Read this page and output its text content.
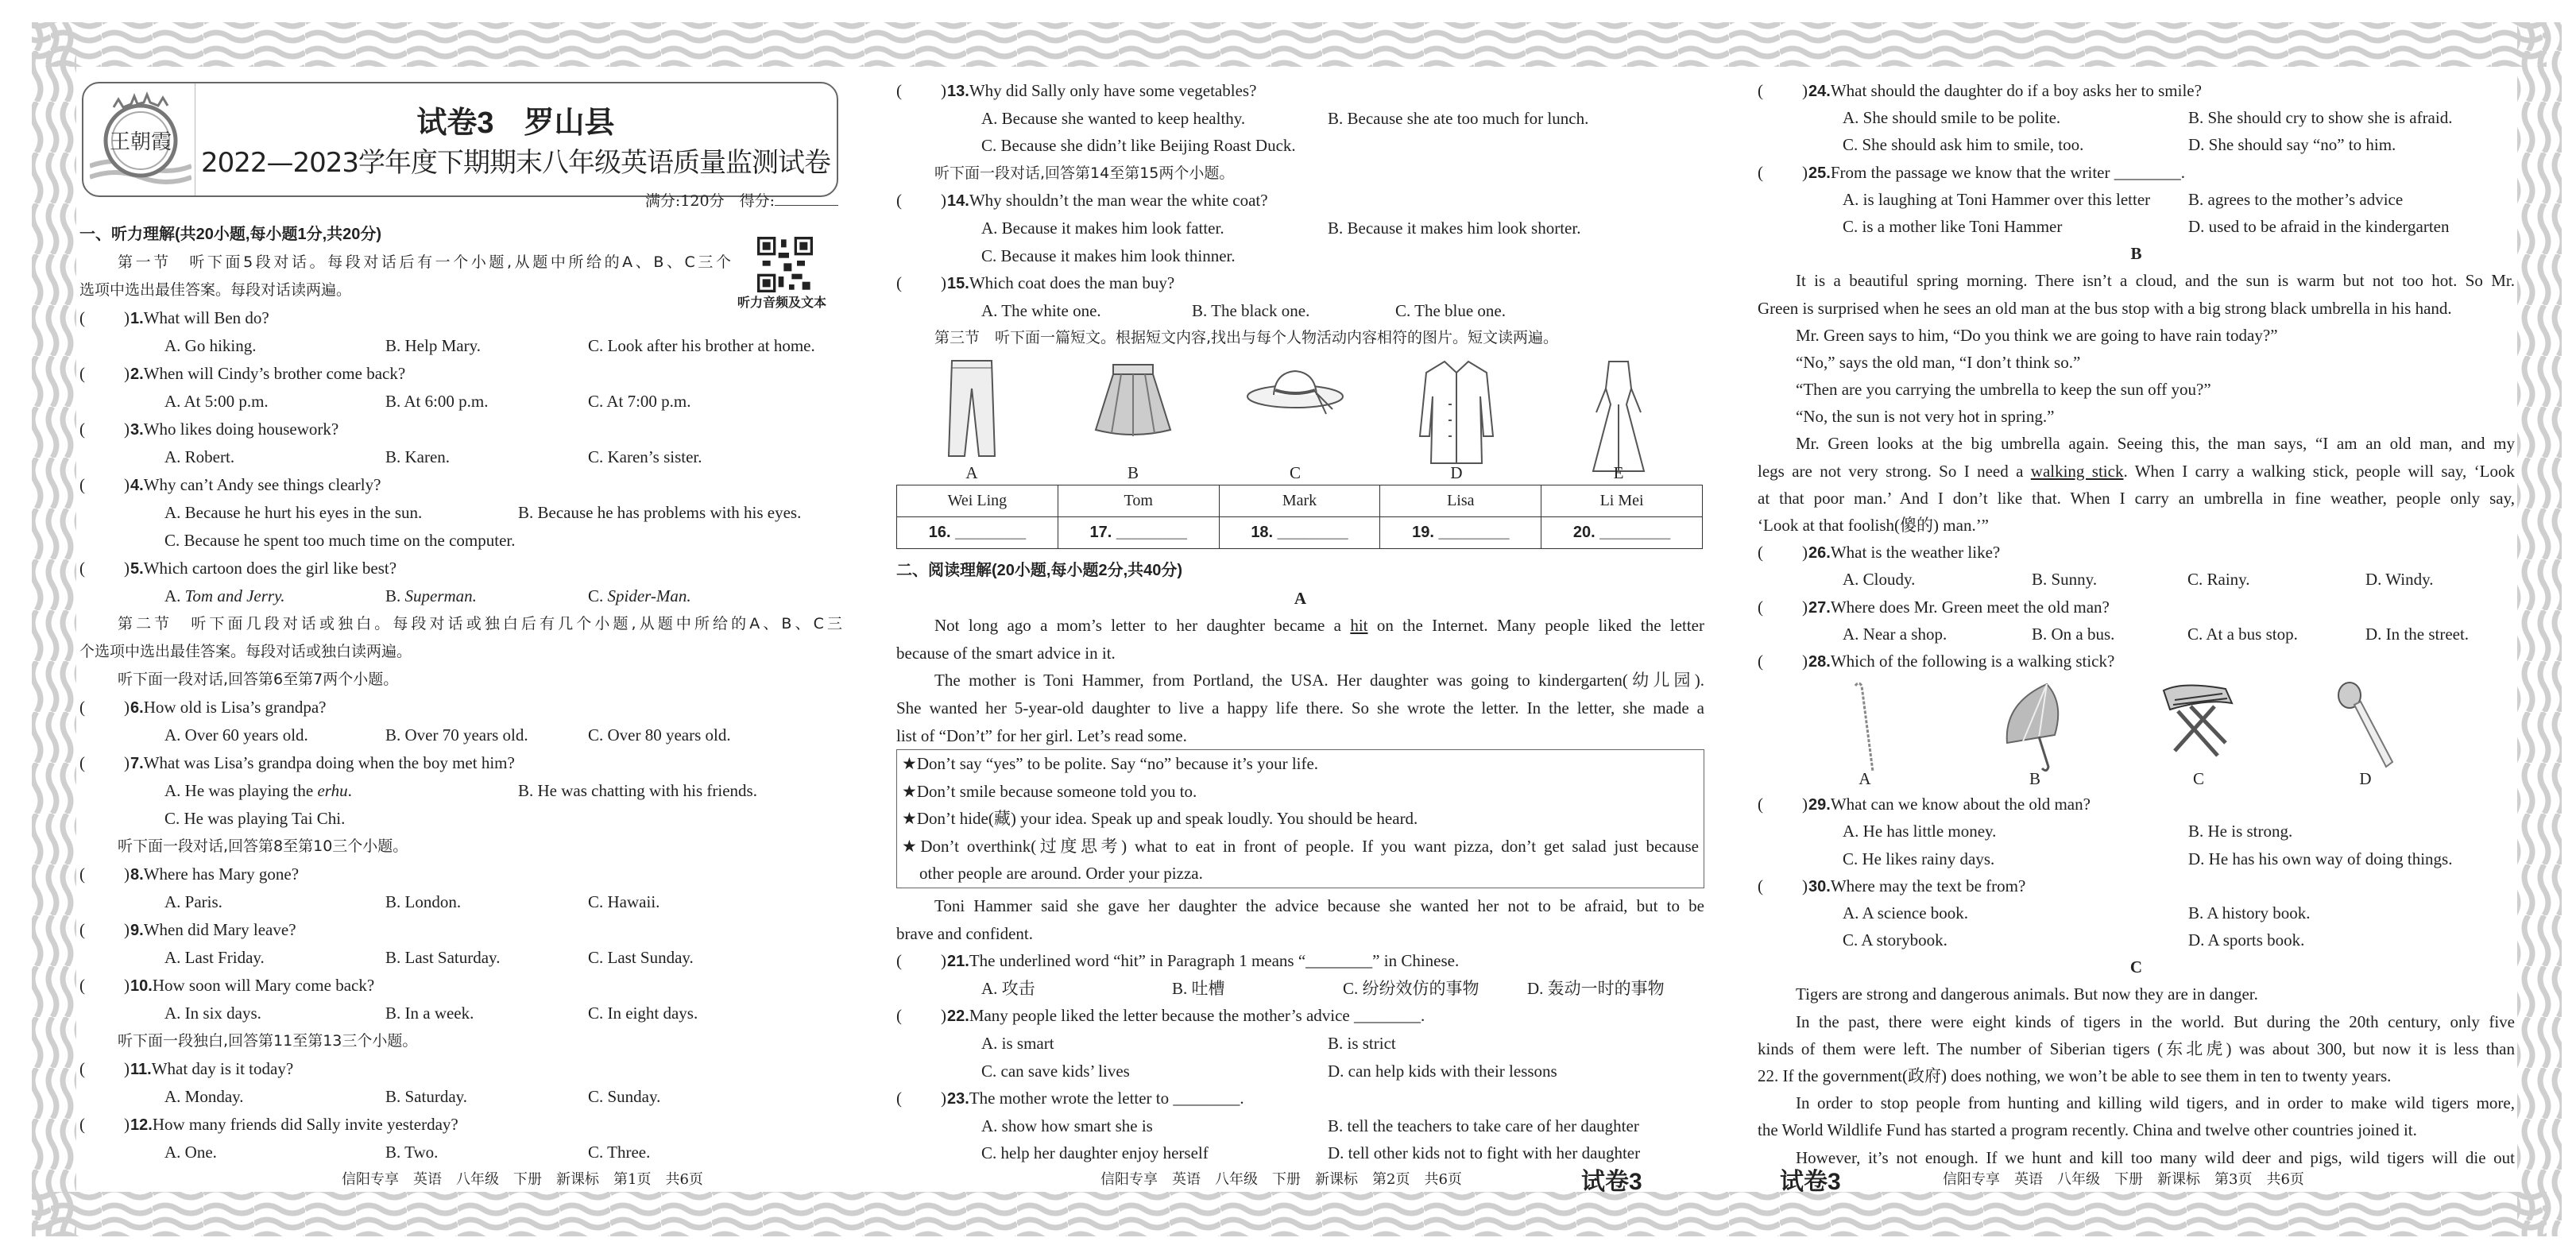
王朝霞
试卷3　罗山县
2022—2023学年度下期期末八年级英语质量监测试卷
满分:120分　得分:
听力音频及文本
一、听力理解(共20小题,每小题1分,共20分)
第一节　听下面5段对话。每段对话后有一个小题,从题中所给的A、B、C三个
选项中选出最佳答案。每段对话读两遍。
( ) 1.What will Ben do?
A. Go hiking.	B. Help Mary.	C. Look after his brother at home.
( ) 2.When will Cindy’s brother come back?
A. At 5:00 p.m.	B. At 6:00 p.m.	C. At 7:00 p.m.
( ) 3.Who likes doing housework?
A. Robert.	B. Karen.	C. Karen’s sister.
( ) 4.Why can’t Andy see things clearly?
A. Because he hurt his eyes in the sun.	B. Because he has problems with his eyes.
C. Because he spent too much time on the computer.
( ) 5.Which cartoon does the girl like best?
A. Tom and Jerry.	B. Superman.	C. Spider-Man.
第二节　听下面几段对话或独白。每段对话或独白后有几个小题,从题中所给的A、B、C三
个选项中选出最佳答案。每段对话或独白读两遍。
听下面一段对话,回答第6至第7两个小题。
( ) 6.How old is Lisa’s grandpa?
A. Over 60 years old.	B. Over 70 years old.	C. Over 80 years old.
( ) 7.What was Lisa’s grandpa doing when the boy met him?
A. He was playing the erhu.	B. He was chatting with his friends.
C. He was playing Tai Chi.
听下面一段对话,回答第8至第10三个小题。
( ) 8.Where has Mary gone?
A. Paris.	B. London.	C. Hawaii.
( ) 9.When did Mary leave?
A. Last Friday.	B. Last Saturday.	C. Last Sunday.
( ) 10.How soon will Mary come back?
A. In six days.	B. In a week.	C. In eight days.
听下面一段独白,回答第11至第13三个小题。
( ) 11.What day is it today?
A. Monday.	B. Saturday.	C. Sunday.
( ) 12.How many friends did Sally invite yesterday?
A. One.	B. Two.	C. Three.
( ) 13.Why did Sally only have some vegetables?
A. Because she wanted to keep healthy.	B. Because she ate too much for lunch.
C. Because she didn’t like Beijing Roast Duck.
听下面一段对话,回答第14至第15两个小题。
( ) 14.Why shouldn’t the man wear the white coat?
A. Because it makes him look fatter.	B. Because it makes him look shorter.
C. Because it makes him look thinner.
( ) 15.Which coat does the man buy?
A. The white one.	B. The black one.	C. The blue one.
第三节　听下面一篇短文。根据短文内容,找出与每个人物活动内容相符的图片。短文读两遍。
A	B	C	D	E
Wei Ling	Tom	Mark	Lisa	Li Mei
16. ________	17. ________	18. ________	19. ________	20. ________
二、阅读理解(20小题,每小题2分,共40分)
A
Not long ago a mom’s letter to her daughter became a hit on the Internet. Many people liked the letter
because of the smart advice in it.
The mother is Toni Hammer, from Portland, the USA. Her daughter was going to kindergarten(幼儿园).
She wanted her 5-year-old daughter to live a happy life there. So she wrote the letter. In the letter, she made a
list of “Don’t” for her girl. Let’s read some.
★Don’t say “yes” to be polite. Say “no” because it’s your life.
★Don’t smile because someone told you to.
★Don’t hide(藏) your idea. Speak up and speak loudly. You should be heard.
★Don’t overthink(过度思考) what to eat in front of people. If you want pizza, don’t get salad just because
other people are around. Order your pizza.
Toni Hammer said she gave her daughter the advice because she wanted her not to be afraid, but to be
brave and confident.
( ) 21.The underlined word “hit” in Paragraph 1 means “________” in Chinese.
A. 攻击	B. 吐槽	C. 纷纷效仿的事物	D. 轰动一时的事物
( ) 22.Many people liked the letter because the mother’s advice ________.
A. is smart	B. is strict
C. can save kids’ lives	D. can help kids with their lessons
( ) 23.The mother wrote the letter to ________.
A. show how smart she is	B. tell the teachers to take care of her daughter
C. help her daughter enjoy herself	D. tell other kids not to fight with her daughter
( ) 24.What should the daughter do if a boy asks her to smile?
A. She should smile to be polite.	B. She should cry to show she is afraid.
C. She should ask him to smile, too.	D. She should say “no” to him.
( ) 25.From the passage we know that the writer ________.
A. is laughing at Toni Hammer over this letter B. agrees to the mother’s advice
C. is a mother like Toni Hammer	D. used to be afraid in the kindergarten
B
It is a beautiful spring morning. There isn’t a cloud, and the sun is warm but not too hot. So Mr.
Green is surprised when he sees an old man at the bus stop with a big strong black umbrella in his hand.
Mr. Green says to him, “Do you think we are going to have rain today?”
“No,” says the old man, “I don’t think so.”
“Then are you carrying the umbrella to keep the sun off you?”
“No, the sun is not very hot in spring.”
Mr. Green looks at the big umbrella again. Seeing this, the man says, “I am an old man, and my
legs are not very strong. So I need a walking stick. When I carry a walking stick, people will say, ‘Look
at that poor man.’ And I don’t like that. When I carry an umbrella in fine weather, people only say,
‘Look at that foolish(傻的) man.’”
( ) 26.What is the weather like?
A. Cloudy.	B. Sunny.	C. Rainy.	D. Windy.
( ) 27.Where does Mr. Green meet the old man?
A. Near a shop.	B. On a bus.	C. At a bus stop.	D. In the street.
( ) 28.Which of the following is a walking stick?
A	B	C	D
( ) 29.What can we know about the old man?
A. He has little money.	B. He is strong.
C. He likes rainy days.	D. He has his own way of doing things.
( ) 30.Where may the text be from?
A. A science book.	B. A history book.
C. A storybook.	D. A sports book.
C
Tigers are strong and dangerous animals. But now they are in danger.
In the past, there were eight kinds of tigers in the world. But during the 20th century, only five
kinds of them were left. The number of Siberian tigers (东北虎) was about 300, but now it is less than
22. If the government(政府) does nothing, we won’t be able to see them in ten to twenty years.
In order to stop people from hunting and killing wild tigers, and in order to make wild tigers more,
the World Wildlife Fund has started a program recently. China and twelve other countries joined it.
However, it’s not enough. If we hunt and kill too many wild deer and pigs, wild tigers will die out
信阳专享　英语　八年级　下册　新课标　第1页　共6页	信阳专享　英语　八年级　下册　新课标　第2页　共6页	试卷3	试卷3	信阳专享　英语　八年级　下册　新课标　第3页　共6页
